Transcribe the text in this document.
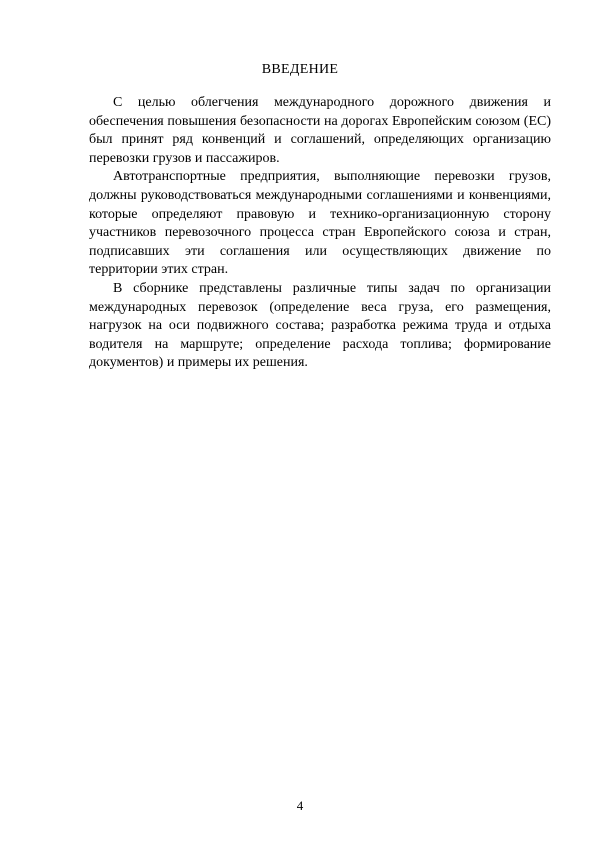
ВВЕДЕНИЕ

С целью облегчения международного дорожного движения и обеспечения повышения безопасности на дорогах Европейским союзом (ЕС) был принят ряд конвенций и соглашений, определяющих организацию перевозки грузов и пассажиров.

Автотранспортные предприятия, выполняющие перевозки грузов, должны руководствоваться международными соглашениями и конвенциями, которые определяют правовую и технико-организационную сторону участников перевозочного процесса стран Европейского союза и стран, подписавших эти соглашения или осуществляющих движение по территории этих стран.

В сборнике представлены различные типы задач по организации международных перевозок (определение веса груза, его размещения, нагрузок на оси подвижного состава; разработка режима труда и отдыха водителя на маршруте; определение расхода топлива; формирование документов) и примеры их решения.

4
